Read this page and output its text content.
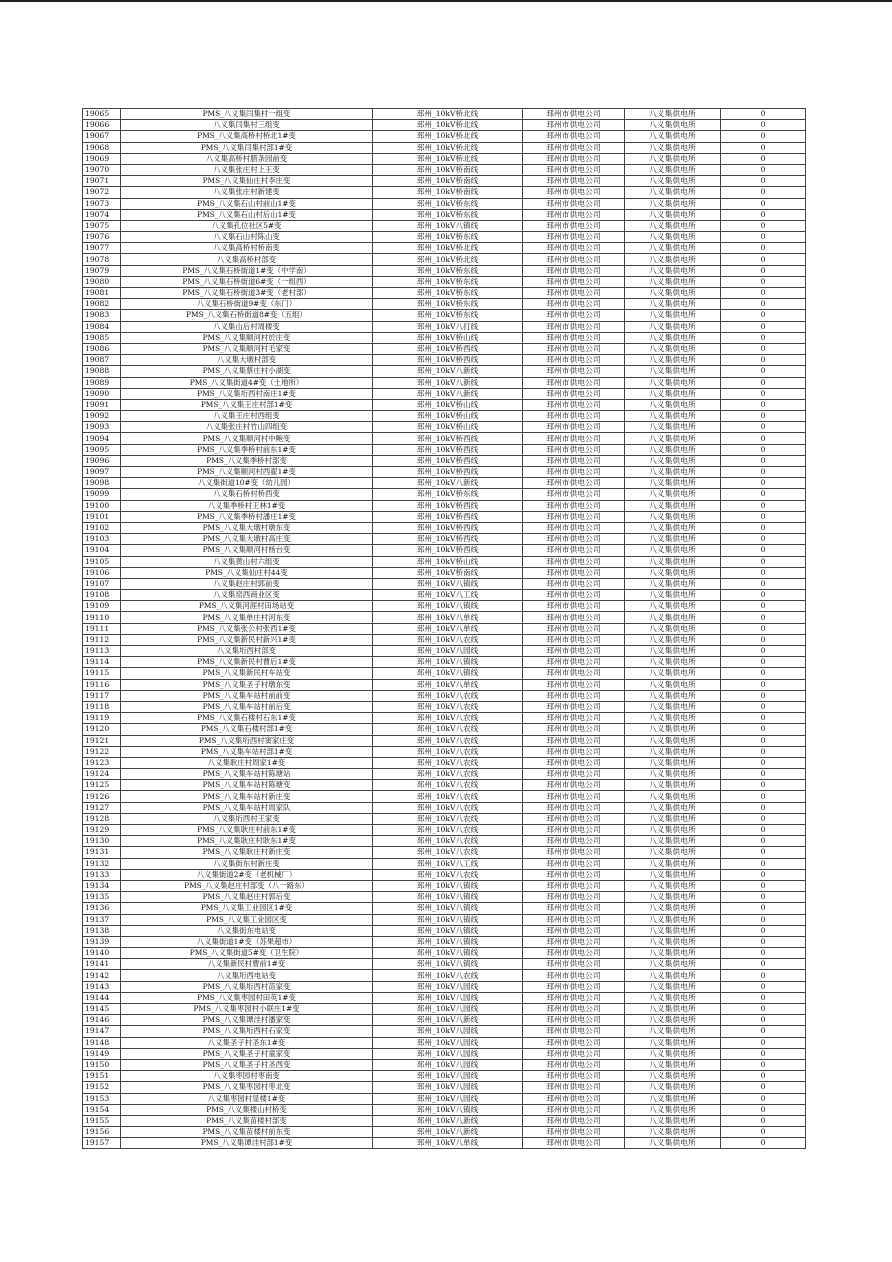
19065	PMS_八义集闫集村一组变	邳州_10kV桥北线	邳州市供电公司	八义集供电所	0
19066	八义集闫集村三组变	邳州_10kV桥北线	邳州市供电公司	八义集供电所	0
19067	PMS_八义集高桥村桥北1#变	邳州_10kV桥北线	邳州市供电公司	八义集供电所	0
19068	PMS_八义集闫集村部1#变	邳州_10kV桥北线	邳州市供电公司	八义集供电所	0
19069	八义集高桥村腊条园前变	邳州_10kV桥北线	邳州市供电公司	八义集供电所	0
19070	八义集张庄村上王变	邳州_10kV桥南线	邳州市供电公司	八义集供电所	0
19071	PMS_八义集仙庄村李庄变	邳州_10kV桥南线	邳州市供电公司	八义集供电所	0
19072	八义集张庄村新建变	邳州_10kV桥南线	邳州市供电公司	八义集供电所	0
19073	PMS_八义集石山村前山1#变	邳州_10kV桥东线	邳州市供电公司	八义集供电所	0
19074	PMS_八义集石山村后山1#变	邳州_10kV桥东线	邳州市供电公司	八义集供电所	0
19075	八义集孔位社区5#变	邳州_10kV八镇线	邳州市供电公司	八义集供电所	0
19076	八义集石山村陈山变	邳州_10kV桥东线	邳州市供电公司	八义集供电所	0
19077	八义集高桥村桥南变	邳州_10kV桥北线	邳州市供电公司	八义集供电所	0
19078	八义集高桥村部变	邳州_10kV桥北线	邳州市供电公司	八义集供电所	0
19079	PMS_八义集石桥街道1#变（中学南）	邳州_10kV桥东线	邳州市供电公司	八义集供电所	0
19080	PMS_八义集石桥街道6#变（一组西）	邳州_10kV桥东线	邳州市供电公司	八义集供电所	0
19081	PMS_八义集石桥街道3#变（老村部）	邳州_10kV桥东线	邳州市供电公司	八义集供电所	0
19082	八义集石桥街道9#变（东门）	邳州_10kV桥东线	邳州市供电公司	八义集供电所	0
19083	PMS_八义集石桥街道8#变（五组）	邳州_10kV桥东线	邳州市供电公司	八义集供电所	0
19084	八义集山后村周楼变	邳州_10kV八打线	邳州市供电公司	八义集供电所	0
19085	PMS_八义集顺河村於庄变	邳州_10kV桥山线	邳州市供电公司	八义集供电所	0
19086	PMS_八义集顺河村毛家变	邳州_10kV桥西线	邳州市供电公司	八义集供电所	0
19087	八义集大墩村部变	邳州_10kV桥西线	邳州市供电公司	八义集供电所	0
19088	PMS_八义集蔡庄村小湖变	邳州_10kV八新线	邳州市供电公司	八义集供电所	0
19089	PMS_八义集街道4#变（土地所）	邳州_10kV八新线	邳州市供电公司	八义集供电所	0
19090	PMS_八义集垳西村南庄1#变	邳州_10kV八新线	邳州市供电公司	八义集供电所	0
19091	PMS_八义集王庄村部1#变	邳州_10kV桥山线	邳州市供电公司	八义集供电所	0
19092	八义集王庄村西组变	邳州_10kV桥山线	邳州市供电公司	八义集供电所	0
19093	八义集张庄村竹山四组变	邳州_10kV桥山线	邳州市供电公司	八义集供电所	0
19094	PMS_八义集顺河村中鲍变	邳州_10kV桥西线	邳州市供电公司	八义集供电所	0
19095	PMS_八义集季桥村前东1#变	邳州_10kV桥西线	邳州市供电公司	八义集供电所	0
19096	PMS_八义集季桥村部变	邳州_10kV桥西线	邳州市供电公司	八义集供电所	0
19097	PMS_八义集顺河村西翟1#变	邳州_10kV桥西线	邳州市供电公司	八义集供电所	0
19098	八义集街道10#变（幼儿园）	邳州_10kV八新线	邳州市供电公司	八义集供电所	0
19099	八义集石桥村桥西变	邳州_10kV桥东线	邳州市供电公司	八义集供电所	0
19100	八义集季桥村王林1#变	邳州_10kV桥西线	邳州市供电公司	八义集供电所	0
19101	PMS_八义集季桥村潘庄1#变	邳州_10kV桥西线	邳州市供电公司	八义集供电所	0
19102	PMS_八义集大墩村墩东变	邳州_10kV桥西线	邳州市供电公司	八义集供电所	0
19103	PMS_八义集大墩村高庄变	邳州_10kV桥西线	邳州市供电公司	八义集供电所	0
19104	PMS_八义集顺河村杨台变	邳州_10kV桥西线	邳州市供电公司	八义集供电所	0
19105	八义集黄山村六组变	邳州_10kV桥山线	邳州市供电公司	八义集供电所	0
19106	PMS_八义集仙庄村44变	邳州_10kV桥南线	邳州市供电公司	八义集供电所	0
19107	八义集赵庄村郭前变	邳州_10kV八镇线	邳州市供电公司	八义集供电所	0
19108	八义集窑西商业区变	邳州_10kV八工线	邳州市供电公司	八义集供电所	0
19109	PMS_八义集河涯村田场站变	邳州_10kV八镇线	邳州市供电公司	八义集供电所	0
19110	PMS_八义集单庄村河东变	邳州_10kV八单线	邳州市供电公司	八义集供电所	0
19111	PMS_八义集张公村张西1#变	邳州_10kV八单线	邳州市供电公司	八义集供电所	0
19112	PMS_八义集新民村新兴1#变	邳州_10kV八农线	邳州市供电公司	八义集供电所	0
19113	八义集垳西村部变	邳州_10kV八园线	邳州市供电公司	八义集供电所	0
19114	PMS_八义集新民村曹后1#变	邳州_10kV八镇线	邳州市供电公司	八义集供电所	0
19115	PMS_八义集新民村车站变	邳州_10kV八镇线	邳州市供电公司	八义集供电所	0
19116	PMS_八义集圣子村墩东变	邳州_10kV八单线	邳州市供电公司	八义集供电所	0
19117	PMS_八义集车站村前前变	邳州_10kV八农线	邳州市供电公司	八义集供电所	0
19118	PMS_八义集车站村前后变	邳州_10kV八农线	邳州市供电公司	八义集供电所	0
19119	PMS_八义集石楼村石东1#变	邳州_10kV八农线	邳州市供电公司	八义集供电所	0
19120	PMS_八义集石楼村部1#变	邳州_10kV八农线	邳州市供电公司	八义集供电所	0
19121	PMS_八义集垳西村窦家庄变	邳州_10kV八农线	邳州市供电公司	八义集供电所	0
19122	PMS_八义集车站村部1#变	邳州_10kV八农线	邳州市供电公司	八义集供电所	0
19123	八义集耿庄村周家1#变	邳州_10kV八农线	邳州市供电公司	八义集供电所	0
19124	PMS_八义集车站村陈塘站	邳州_10kV八农线	邳州市供电公司	八义集供电所	0
19125	PMS_八义集车站村陈塘变	邳州_10kV八农线	邳州市供电公司	八义集供电所	0
19126	PMS_八义集车站村新庄变	邳州_10kV八农线	邳州市供电公司	八义集供电所	0
19127	PMS_八义集车站村周家队	邳州_10kV八农线	邳州市供电公司	八义集供电所	0
19128	八义集垳西村王家变	邳州_10kV八农线	邳州市供电公司	八义集供电所	0
19129	PMS_八义集耿庄村前东1#变	邳州_10kV八农线	邳州市供电公司	八义集供电所	0
19130	PMS_八义集耿庄村耿东1#变	邳州_10kV八农线	邳州市供电公司	八义集供电所	0
19131	PMS_八义集耿庄村新庄变	邳州_10kV八农线	邳州市供电公司	八义集供电所	0
19132	八义集街东村新庄变	邳州_10kV八工线	邳州市供电公司	八义集供电所	0
19133	八义集街道2#变（老机械厂）	邳州_10kV八农线	邳州市供电公司	八义集供电所	0
19134	PMS_八义集赵庄村部变（八一路东）	邳州_10kV八镇线	邳州市供电公司	八义集供电所	0
19135	PMS_八义集赵庄村郭后变	邳州_10kV八镇线	邳州市供电公司	八义集供电所	0
19136	PMS_八义集工业园区1#变	邳州_10kV八镇线	邳州市供电公司	八义集供电所	0
19137	PMS_八义集工业园区变	邳州_10kV八镇线	邳州市供电公司	八义集供电所	0
19138	八义集街东电站变	邳州_10kV八镇线	邳州市供电公司	八义集供电所	0
19139	八义集街道1#变（苏果超市）	邳州_10kV八镇线	邳州市供电公司	八义集供电所	0
19140	PMS_八义集街道5#变（卫生院）	邳州_10kV八镇线	邳州市供电公司	八义集供电所	0
19141	八义集新民村曹前1#变	邳州_10kV八镇线	邳州市供电公司	八义集供电所	0
19142	八义集垳西电站变	邳州_10kV八农线	邳州市供电公司	八义集供电所	0
19143	PMS_八义集垳西村苗家变	邳州_10kV八园线	邳州市供电公司	八义集供电所	0
19144	PMS_八义集枣园村田英1#变	邳州_10kV八园线	邳州市供电公司	八义集供电所	0
19145	PMS_八义集枣园村小联庄1#变	邳州_10kV八园线	邳州市供电公司	八义集供电所	0
19146	PMS_八义集谭洼村潘家变	邳州_10kV八新线	邳州市供电公司	八义集供电所	0
19147	PMS_八义集垳西村石家变	邳州_10kV八园线	邳州市供电公司	八义集供电所	0
19148	八义集圣子村圣东1#变	邳州_10kV八园线	邳州市供电公司	八义集供电所	0
19149	PMS_八义集圣子村童家变	邳州_10kV八园线	邳州市供电公司	八义集供电所	0
19150	PMS_八义集圣子村圣西变	邳州_10kV八园线	邳州市供电公司	八义集供电所	0
19151	八义集枣园村枣南变	邳州_10kV八园线	邳州市供电公司	八义集供电所	0
19152	PMS_八义集枣园村枣北变	邳州_10kV八园线	邳州市供电公司	八义集供电所	0
19153	八义集枣园村显楼1#变	邳州_10kV八园线	邳州市供电公司	八义集供电所	0
19154	PMS_八义集楼山村桥变	邳州_10kV八镇线	邳州市供电公司	八义集供电所	0
19155	PMS_八义集苗楼村部变	邳州_10kV八新线	邳州市供电公司	八义集供电所	0
19156	PMS_八义集苗楼村前东变	邳州_10kV八新线	邳州市供电公司	八义集供电所	0
19157	PMS_八义集谭洼村部1#变	邳州_10kV八单线	邳州市供电公司	八义集供电所	0
